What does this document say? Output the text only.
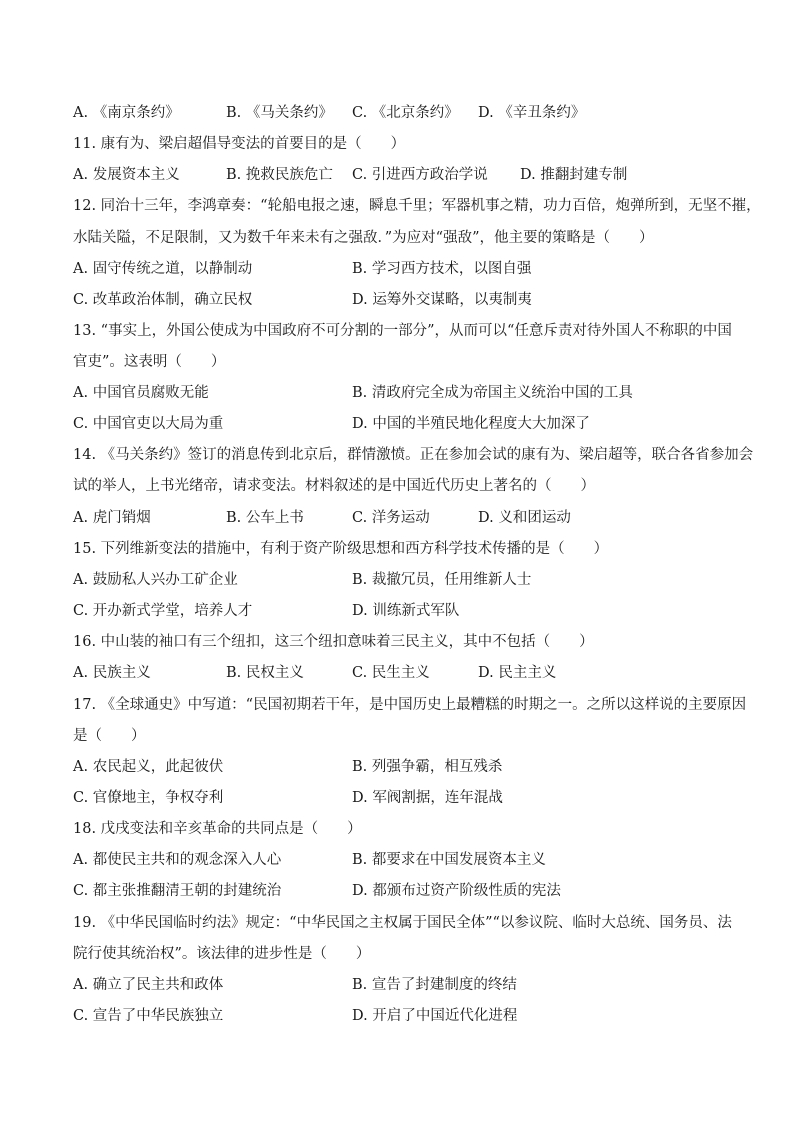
A. 《南京条约》	B. 《马关条约》 C. 《北京条约》 D. 《辛丑条约》
11. 康有为、梁启超倡导变法的首要目的是（　　）
A. 发展资本主义	B. 挽救民族危亡 C. 引进西方政治学说 D. 推翻封建专制
12. 同治十三年，李鸿章奏：“轮船电报之速，瞬息千里；军器机事之精，功力百倍，炮弹所到，无坚不摧，
水陆关隘，不足限制，又为数千年来未有之强敌．”为应对“强敌”，他主要的策略是（　　）
A. 固守传统之道，以静制动	B. 学习西方技术，以图自强
C. 改革政治体制，确立民权	D. 运筹外交谋略，以夷制夷
13. “事实上，外国公使成为中国政府不可分割的一部分”，从而可以“任意斥责对待外国人不称职的中国
官吏”。这表明（　　）
A. 中国官员腐败无能	B. 清政府完全成为帝国主义统治中国的工具
C. 中国官吏以大局为重	D. 中国的半殖民地化程度大大加深了
14. 《马关条约》签订的消息传到北京后，群情激愤。正在参加会试的康有为、梁启超等，联合各省参加会
试的举人，上书光绪帝，请求变法。材料叙述的是中国近代历史上著名的（　　）
A. 虎门销烟	B. 公车上书	C. 洋务运动	D. 义和团运动
15. 下列维新变法的措施中，有利于资产阶级思想和西方科学技术传播的是（　　）
A. 鼓励私人兴办工矿企业	B. 裁撤冗员，任用维新人士
C. 开办新式学堂，培养人才	D. 训练新式军队
16. 中山装的袖口有三个纽扣，这三个纽扣意味着三民主义，其中不包括（　　）
A. 民族主义	B. 民权主义	C. 民生主义	D. 民主主义
17. 《全球通史》中写道：“民国初期若干年，是中国历史上最糟糕的时期之一。之所以这样说的主要原因
是（　　）
A. 农民起义，此起彼伏	B. 列强争霸，相互残杀
C. 官僚地主，争权夺利	D. 军阀割据，连年混战
18. 戊戌变法和辛亥革命的共同点是（　　）
A. 都使民主共和的观念深入人心	B. 都要求在中国发展资本主义
C. 都主张推翻清王朝的封建统治	D. 都颁布过资产阶级性质的宪法
19. 《中华民国临时约法》规定：“中华民国之主权属于国民全体”“以参议院、临时大总统、国务员、法
院行使其统治权”。该法律的进步性是（　　）
A. 确立了民主共和政体	B. 宣告了封建制度的终结
C. 宣告了中华民族独立	D. 开启了中国近代化进程
